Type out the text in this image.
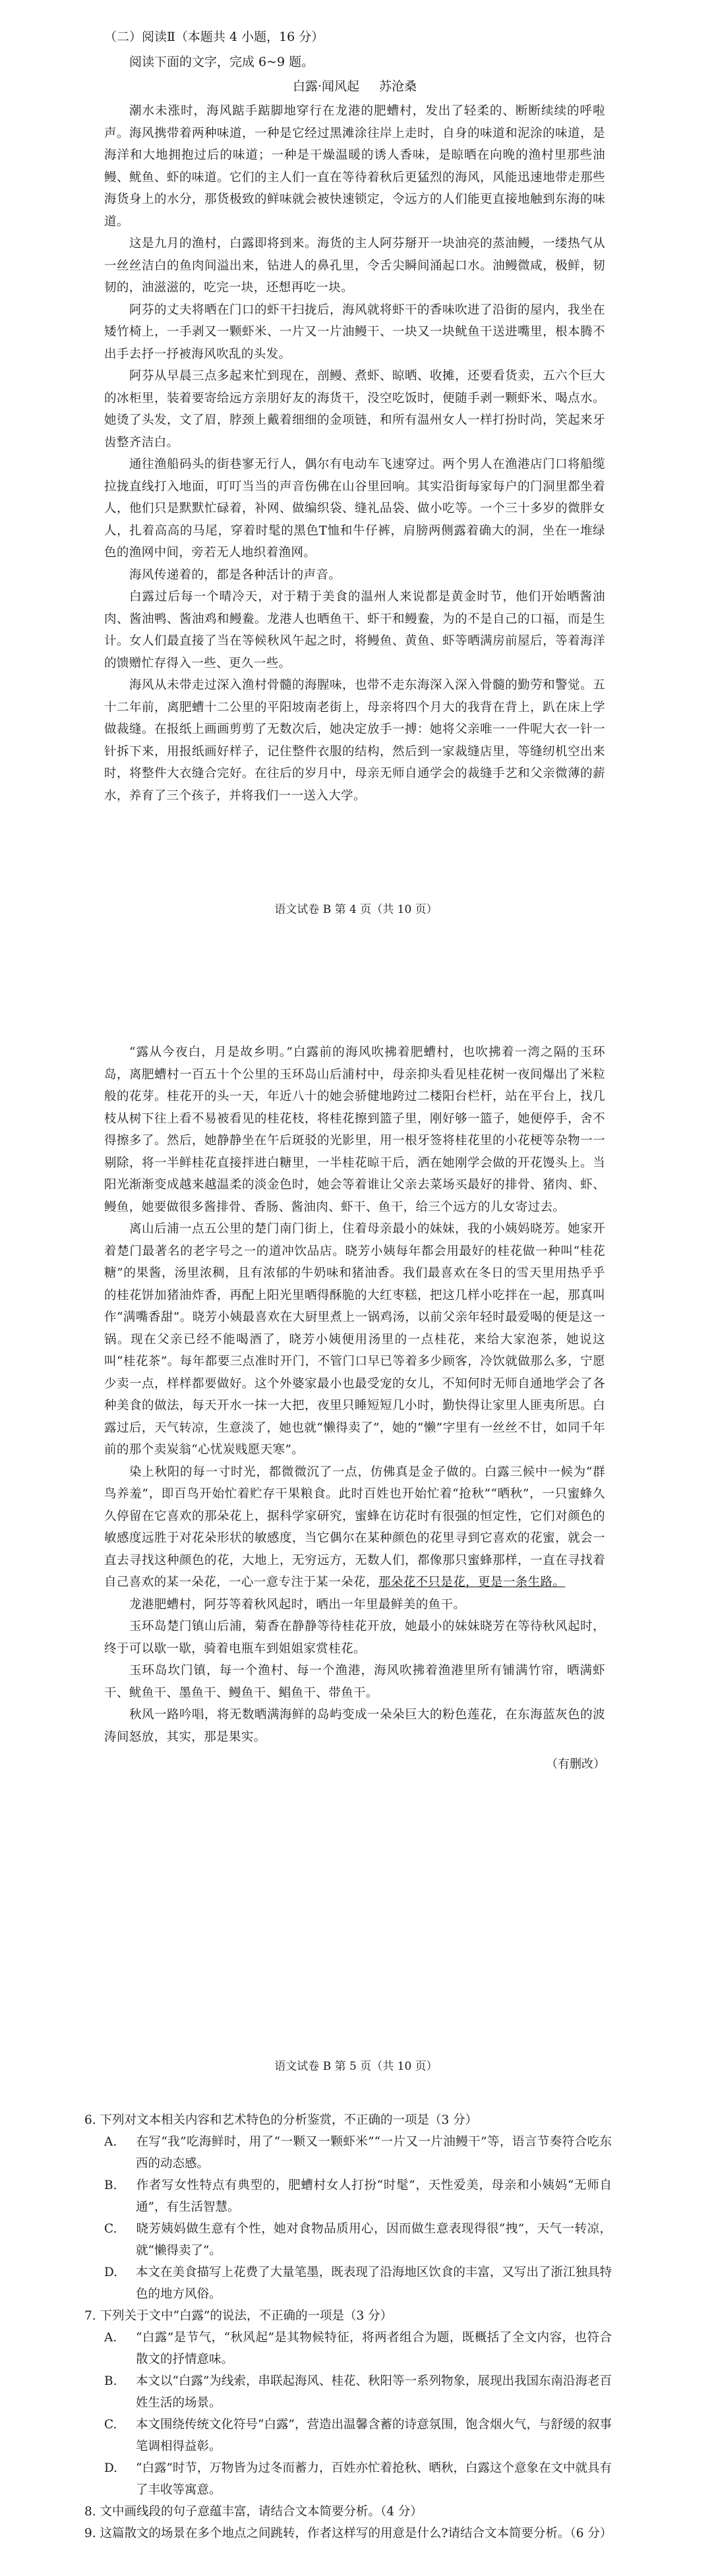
（二）阅读Ⅱ（本题共 4 小题，16 分）
阅读下面的文字，完成 6~9 题。
白露·闻风起 苏沧桑

潮水未涨时，海风踮手踮脚地穿行在龙港的肥螬村，发出了轻柔的、断断续续的呼啦声。海风携带着两种味道，一种是它经过黑滩涂往岸上走时，自身的味道和泥涂的味道，是海洋和大地拥抱过后的味道；一种是干燥温暖的诱人香味，是晾晒在向晚的渔村里那些油鳗、鱿鱼、虾的味道。它们的主人们一直在等待着秋后更猛烈的海风，风能迅速地带走那些海货身上的水分，那货极致的鲜味就会被快速锁定，令远方的人们能更直接地触到东海的味道。

这是九月的渔村，白露即将到来。海货的主人阿芬掰开一块油亮的蒸油鳗，一缕热气从一丝丝洁白的鱼肉间溢出来，钻进人的鼻孔里，令舌尖瞬间涌起口水。油鳗微咸，极鲜，韧韧的，油滋滋的，吃完一块，还想再吃一块。

阿芬的丈夫将晒在门口的虾干扫拢后，海风就将虾干的香味吹进了沿街的屋内，我坐在矮竹椅上，一手剥又一颗虾米、一片又一片油鳗干、一块又一块鱿鱼干送进嘴里，根本腾不出手去抒一抒被海风吹乱的头发。

阿芬从早晨三点多起来忙到现在，剖鳗、煮虾、晾晒、收摊，还要看货卖，五六个巨大的冰柜里，装着要寄给远方亲朋好友的海货干，没空吃饭时，便随手剥一颗虾米、喝点水。她烫了头发，文了眉，脖颈上戴着细细的金项链，和所有温州女人一样打扮时尚，笑起来牙齿整齐洁白。

通往渔船码头的街巷寥无行人，偶尔有电动车飞速穿过。两个男人在渔港店门口将船缆拉拢直线打入地面，叮叮当当的声音伤佛在山谷里回响。其实沿街每家每户的门洞里都坐着人，他们只是默默忙碌着，补网、做编织袋、缝礼品袋、做小吃等。一个三十多岁的微胖女人，扎着高高的马尾，穿着时髦的黑色T恤和牛仔裤，肩膀两侧露着确大的洞，坐在一堆绿色的渔网中间，旁若无人地织着渔网。

海风传递着的，都是各种活计的声音。

白露过后每一个晴冷天，对于精于美食的温州人来说都是黄金时节，他们开始晒酱油肉、酱油鸭、酱油鸡和鳗鲞。龙港人也晒鱼干、虾干和鳗鲞，为的不是自己的口福，而是生计。女人们最直接了当在等候秋风午起之时，将鳗鱼、黄鱼、虾等晒满房前屋后，等着海洋的馈赠忙存得入一些、更久一些。

海风从未带走过深入渔村骨髓的海腥味，也带不走东海深入深入骨髓的勤劳和警觉。五十二年前，离肥螬十二公里的平阳坡南老街上，母亲将四个月大的我背在背上，趴在床上学做裁缝。在报纸上画画剪剪了无数次后，她决定放手一搏：她将父亲唯一一件呢大衣一针一针拆下来，用报纸画好样子，记住整件衣服的结构，然后到一家裁缝店里，等缝纫机空出来时，将整件大衣缝合完好。在往后的岁月中，母亲无师自通学会的裁缝手艺和父亲微薄的薪水，养育了三个孩子，并将我们一一送入大学。

语文试卷 B 第 4 页（共 10 页）

“露从今夜白，月是故乡明。”白露前的海风吹拂着肥螬村，也吹拂着一湾之隔的玉环岛，离肥螬村一百五十个公里的玉环岛山后浦村中，母亲抑头看见桂花树一夜间爆出了米粒般的花芽。桂花开的头一天，年近八十的她会骄健地跨过二楼阳台栏杆，站在平台上，找几枝从树下往上看不易被看见的桂花枝，将桂花擦到篮子里，刚好够一篮子，她便停手，舍不得擦多了。然后，她静静坐在午后斑驳的光影里，用一根牙签将桂花里的小花梗等杂物一一剔除，将一半鲜桂花直接拌进白糖里，一半桂花晾干后，洒在她刚学会做的开花馒头上。当阳光渐渐变成越来越温柔的淡金色时，她会等着谁让父亲去菜场买最好的排骨、猪肉、虾、鳗鱼，她要做很多酱排骨、香肠、酱油肉、虾干、鱼干，给三个远方的儿女寄过去。

离山后浦一点五公里的楚门南门街上，住着母亲最小的妹妹，我的小姨妈晓芳。她家开着楚门最著名的老字号之一的道冲饮品店。晓芳小姨每年都会用最好的桂花做一种叫“桂花糖”的果酱，汤里浓稠，且有浓郁的牛奶味和猪油香。我们最喜欢在冬日的雪天里用热乎乎的桂花饼加猪油炸香，再配上阳光里晒得酥脆的大红枣糕，把这几样小吃拌在一起，那真叫作“满嘴香甜”。晓芳小姨最喜欢在大厨里煮上一锅鸡汤，以前父亲年轻时最爱喝的便是这一锅。现在父亲已经不能喝酒了，晓芳小姨便用汤里的一点桂花，来给大家泡茶，她说这叫“桂花茶”。每年都要三点准时开门，不管门口早已等着多少顾客，冷饮就做那么多，宁愿少卖一点，样样都要做好。这个外婆家最小也最受宠的女儿，不知何时无师自通地学会了各种美食的做法，每天开水一抹一大把，夜里只睡短短几小时，勤快得让家里人匪夷所思。白露过后，天气转凉，生意淡了，她也就“懒得卖了”，她的“懒”字里有一丝丝不甘，如同千年前的那个卖炭翁“心忧炭贱愿天寒”。

染上秋阳的每一寸时光，都微微沉了一点，仿佛真是金子做的。白露三候中一候为“群鸟养羞”，即百鸟开始忙着贮存干果粮食。此时百姓也开始忙着“抢秋”“晒秋”，一只蜜蜂久久停留在它喜欢的那朵花上，据科学家研究，蜜蜂在访花时有很强的恒定性，它们对颜色的敏感度远胜于对花朵形状的敏感度，当它偶尔在某种颜色的花里寻到它喜欢的花蜜，就会一直去寻找这种颜色的花，大地上，无穷远方，无数人们，都像那只蜜蜂那样，一直在寻找着自己喜欢的某一朵花，一心一意专注于某一朵花，那朵花不只是花，更是一条生路。

龙港肥螬村，阿芬等着秋风起时，晒出一年里最鲜美的鱼干。

玉环岛楚门镇山后浦，菊香在静静等待桂花开放，她最小的妹妹晓芳在等待秋风起时，终于可以歇一歇，骑着电瓶车到姐姐家赏桂花。

玉环岛坎门镇，每一个渔村、每一个渔港，海风吹拂着渔港里所有铺满竹帘，晒满虾干、鱿鱼干、墨鱼干、鳗鱼干、鲳鱼干、带鱼干。

秋风一路吟唱，将无数晒满海鲜的岛屿变成一朵朵巨大的粉色莲花，在东海蓝灰色的波涛间怒放，其实，那是果实。

（有删改）
语文试卷 B 第 5 页（共 10 页）
6. 下列对文本相关内容和艺术特色的分析鉴赏，不正确的一项是（3 分）
A. 在写“我”吃海鲜时，用了“一颗又一颗虾米”“一片又一片油鳗干”等，语言节奏符合吃东西的动态感。
B. 作者写女性特点有典型的，肥螬村女人打扮“时髦”，天性爱美，母亲和小姨妈“无师自通”，有生活智慧。
C. 晓芳姨妈做生意有个性，她对食物品质用心，因而做生意表现得很“拽”，天气一转凉，就“懒得卖了”。
D. 本文在美食描写上花费了大量笔墨，既表现了沿海地区饮食的丰富，又写出了浙江独具特色的地方风俗。
7. 下列关于文中“白露”的说法，不正确的一项是（3 分）
A. “白露”是节气，“秋风起”是其物候特征，将两者组合为题，既概括了全文内容，也符合散文的抒情意味。
B. 本文以“白露”为线索，串联起海风、桂花、秋阳等一系列物象，展现出我国东南沿海老百姓生活的场景。
C. 本文围绕传统文化符号“白露”，营造出温馨含蓄的诗意氛围，饱含烟火气，与舒缓的叙事笔调相得益彰。
D. “白露”时节，万物皆为过冬而蓄力，百姓亦忙着抢秋、晒秋，白露这个意象在文中就具有了丰收等寓意。
8. 文中画线段的句子意蕴丰富，请结合文本简要分析。（4 分）
9. 这篇散文的场景在多个地点之间跳转，作者这样写的用意是什么?请结合文本简要分析。（6 分）
